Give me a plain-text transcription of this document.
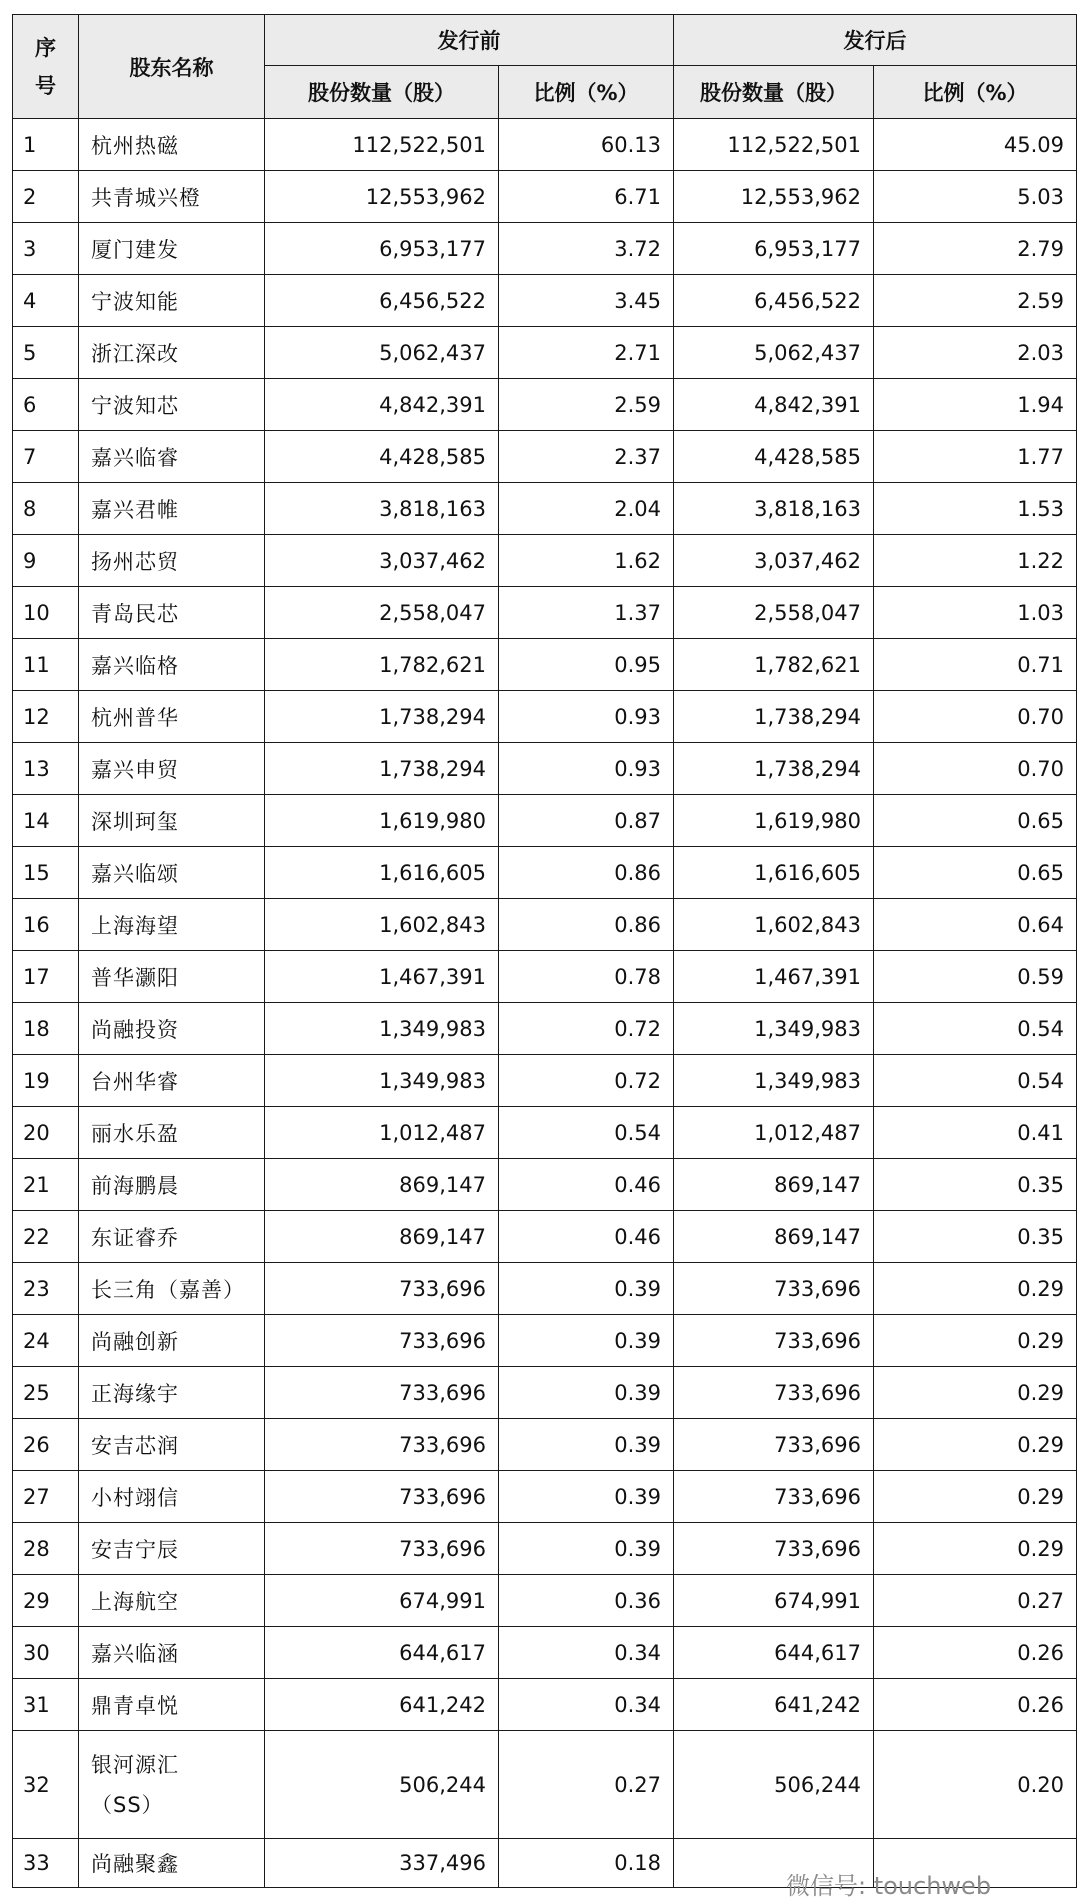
序
号	股东名称	发行前		发行后	
		股份数量（股）	比例（%）	股份数量（股）	比例（%）
1	杭州热磁	112,522,501	60.13	112,522,501	45.09
2	共青城兴橙	12,553,962	6.71	12,553,962	5.03
3	厦门建发	6,953,177	3.72	6,953,177	2.79
4	宁波知能	6,456,522	3.45	6,456,522	2.59
5	浙江深改	5,062,437	2.71	5,062,437	2.03
6	宁波知芯	4,842,391	2.59	4,842,391	1.94
7	嘉兴临睿	4,428,585	2.37	4,428,585	1.77
8	嘉兴君帷	3,818,163	2.04	3,818,163	1.53
9	扬州芯贸	3,037,462	1.62	3,037,462	1.22
10	青岛民芯	2,558,047	1.37	2,558,047	1.03
11	嘉兴临格	1,782,621	0.95	1,782,621	0.71
12	杭州普华	1,738,294	0.93	1,738,294	0.70
13	嘉兴申贸	1,738,294	0.93	1,738,294	0.70
14	深圳珂玺	1,619,980	0.87	1,619,980	0.65
15	嘉兴临颂	1,616,605	0.86	1,616,605	0.65
16	上海海望	1,602,843	0.86	1,602,843	0.64
17	普华灏阳	1,467,391	0.78	1,467,391	0.59
18	尚融投资	1,349,983	0.72	1,349,983	0.54
19	台州华睿	1,349,983	0.72	1,349,983	0.54
20	丽水乐盈	1,012,487	0.54	1,012,487	0.41
21	前海鹏晨	869,147	0.46	869,147	0.35
22	东证睿乔	869,147	0.46	869,147	0.35
23	长三角（嘉善）	733,696	0.39	733,696	0.29
24	尚融创新	733,696	0.39	733,696	0.29
25	正海缘宇	733,696	0.39	733,696	0.29
26	安吉芯润	733,696	0.39	733,696	0.29
27	小村翊信	733,696	0.39	733,696	0.29
28	安吉宁辰	733,696	0.39	733,696	0.29
29	上海航空	674,991	0.36	674,991	0.27
30	嘉兴临涵	644,617	0.34	644,617	0.26
31	鼎青卓悦	641,242	0.34	641,242	0.26
32	银河源汇
（SS）	506,244	0.27	506,244	0.20
33	尚融聚鑫	337,496	0.18		
微信号: touchweb
